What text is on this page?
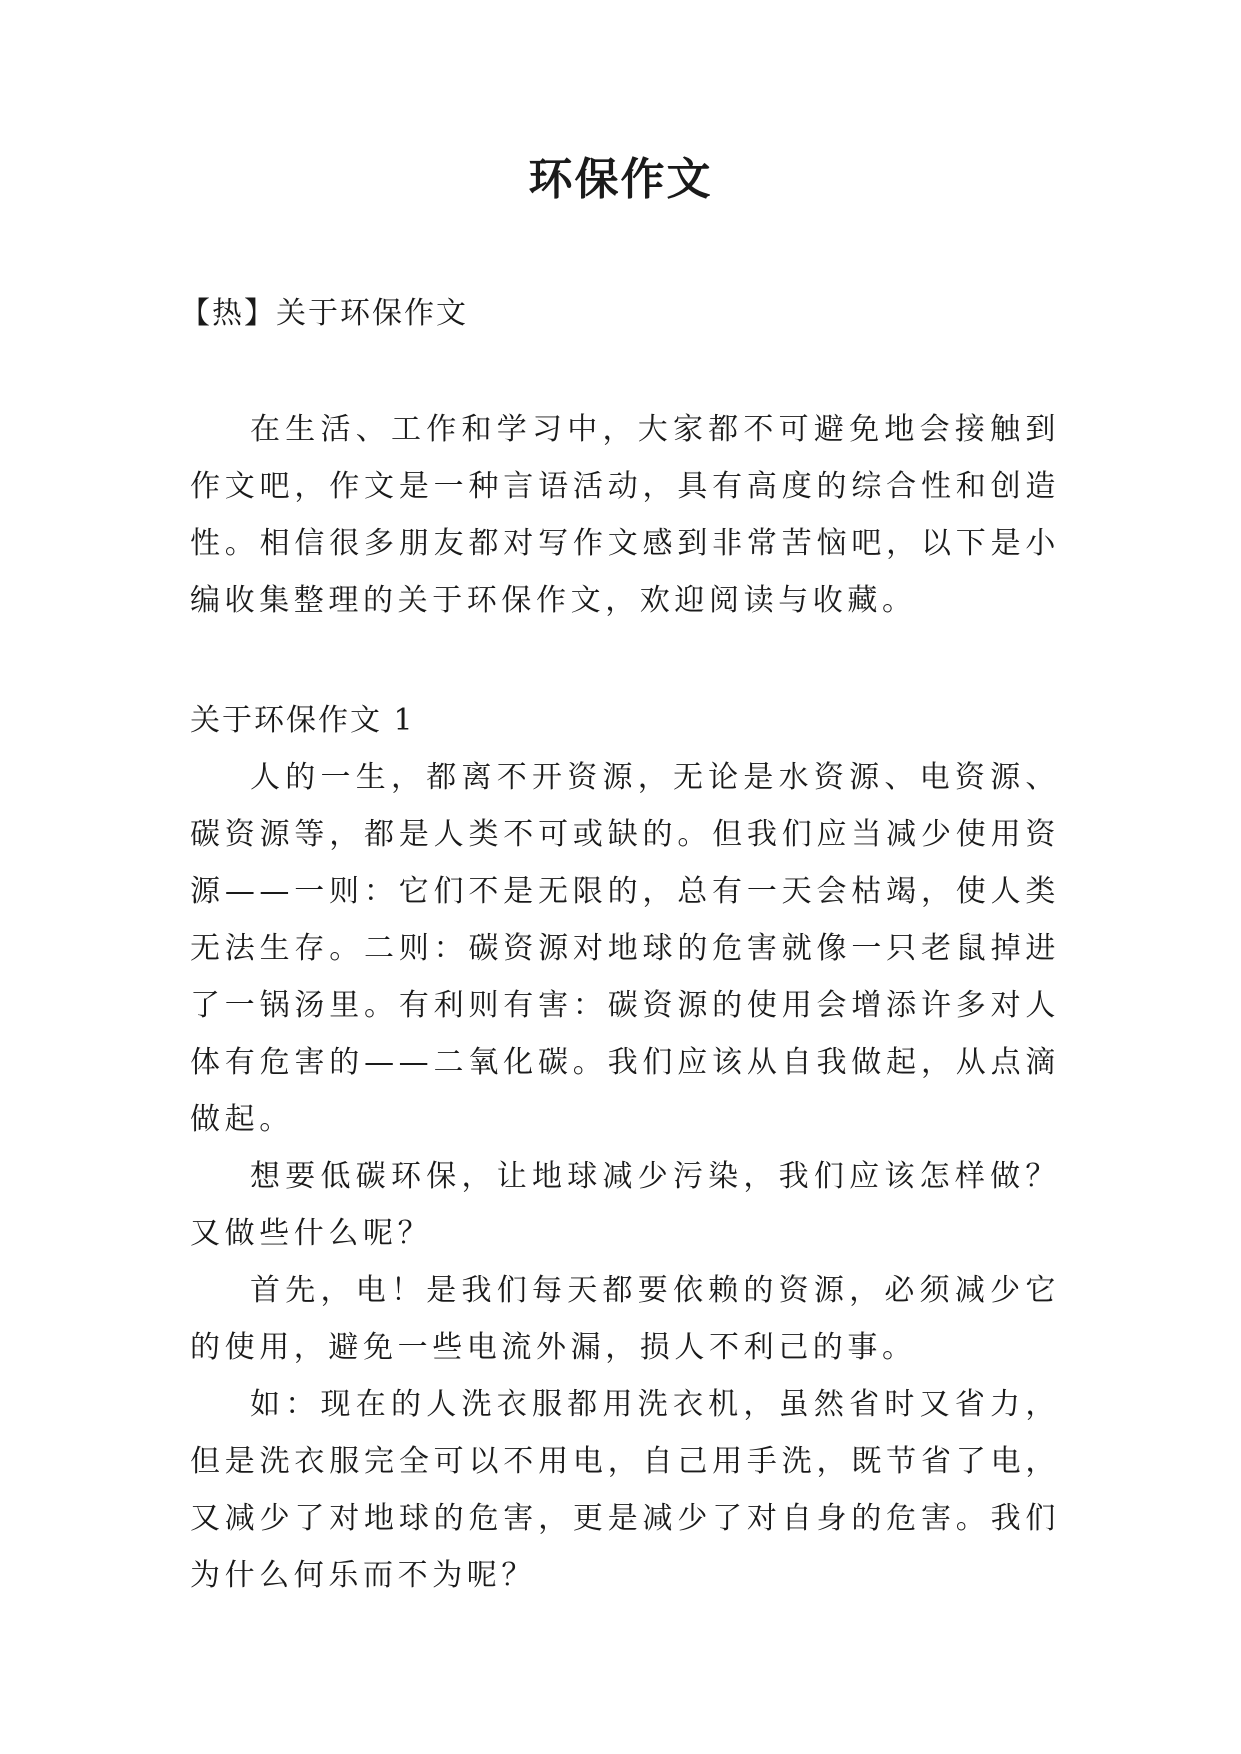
环保作文
【热】关于环保作文

在生活、工作和学习中，大家都不可避免地会接触到作文吧，作文是一种言语活动，具有高度的综合性和创造性。相信很多朋友都对写作文感到非常苦恼吧，以下是小编收集整理的关于环保作文，欢迎阅读与收藏。

关于环保作文 1

人的一生，都离不开资源，无论是水资源、电资源、碳资源等，都是人类不可或缺的。但我们应当减少使用资源——一则：它们不是无限的，总有一天会枯竭，使人类无法生存。二则：碳资源对地球的危害就像一只老鼠掉进了一锅汤里。有利则有害：碳资源的使用会增添许多对人体有危害的——二氧化碳。我们应该从自我做起，从点滴做起。

想要低碳环保，让地球减少污染，我们应该怎样做？又做些什么呢？

首先，电！是我们每天都要依赖的资源，必须减少它的使用，避免一些电流外漏，损人不利己的事。

如：现在的人洗衣服都用洗衣机，虽然省时又省力，但是洗衣服完全可以不用电，自己用手洗，既节省了电，又减少了对地球的危害，更是减少了对自身的危害。我们为什么何乐而不为呢？
